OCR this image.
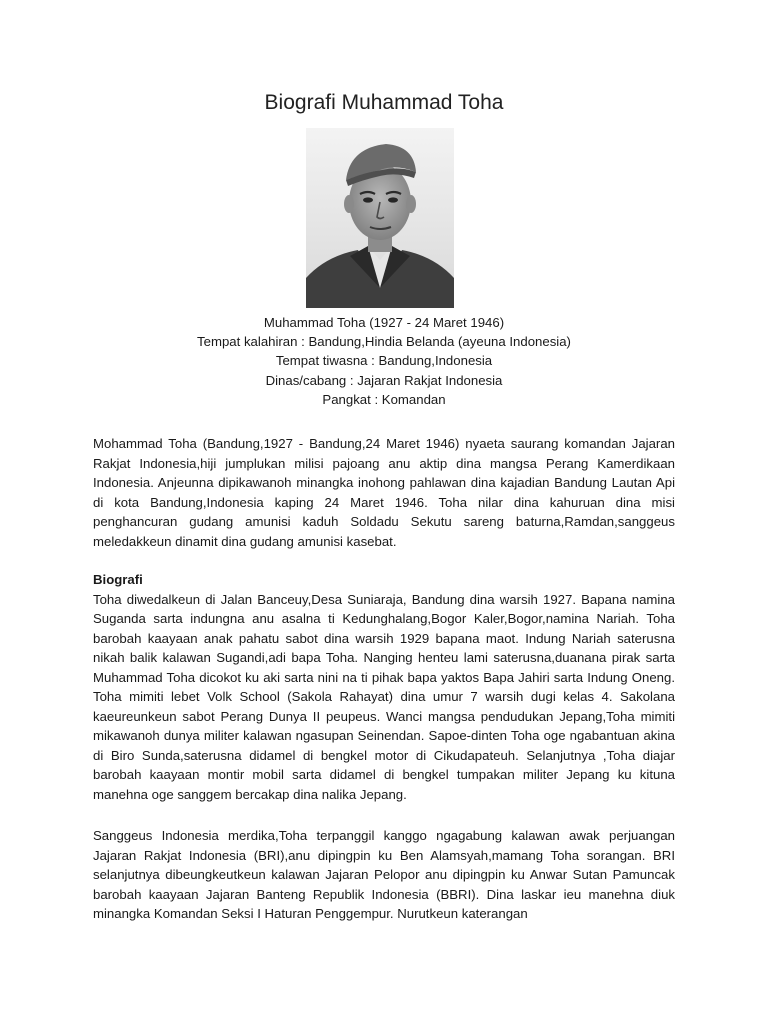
Biografi Muhammad Toha
Muhammad Toha (1927 - 24 Maret 1946)
Tempat kalahiran : Bandung,Hindia Belanda (ayeuna Indonesia)
Tempat tiwasna : Bandung,Indonesia
Dinas/cabang : Jajaran Rakjat Indonesia
Pangkat : Komandan

Mohammad Toha (Bandung,1927 - Bandung,24 Maret 1946) nyaeta saurang komandan Jajaran Rakjat Indonesia,hiji jumplukan milisi pajoang anu aktip dina mangsa Perang Kamerdikaan Indonesia. Anjeunna dipikawanoh minangka inohong pahlawan dina kajadian Bandung Lautan Api di kota Bandung,Indonesia kaping 24 Maret 1946. Toha nilar dina kahuruan dina misi penghancuran gudang amunisi kaduh Soldadu Sekutu sareng baturna,Ramdan,sanggeus meledakkeun dinamit dina gudang amunisi kasebat.

Biografi

Toha diwedalkeun di Jalan Banceuy,Desa Suniaraja, Bandung dina warsih 1927. Bapana namina Suganda sarta indungna anu asalna ti Kedunghalang,Bogor Kaler,Bogor,namina Nariah. Toha barobah kaayaan anak pahatu sabot dina warsih 1929 bapana maot. Indung Nariah saterusna nikah balik kalawan Sugandi,adi bapa Toha. Nanging henteu lami saterusna,duanana pirak sarta Muhammad Toha dicokot ku aki sarta nini na ti pihak bapa yaktos Bapa Jahiri sarta Indung Oneng. Toha mimiti lebet Volk School (Sakola Rahayat) dina umur 7 warsih dugi kelas 4. Sakolana kaeureunkeun sabot Perang Dunya II peupeus. Wanci mangsa pendudukan Jepang,Toha mimiti mikawanoh dunya militer kalawan ngasupan Seinendan. Sapoe-dinten Toha oge ngabantuan akina di Biro Sunda,saterusna didamel di bengkel motor di Cikudapateuh. Selanjutnya ,Toha diajar barobah kaayaan montir mobil sarta didamel di bengkel tumpakan militer Jepang ku kituna manehna oge sanggem bercakap dina nalika Jepang.

Sanggeus Indonesia merdika,Toha terpanggil kanggo ngagabung kalawan awak perjuangan Jajaran Rakjat Indonesia (BRI),anu dipingpin ku Ben Alamsyah,mamang Toha sorangan. BRI selanjutnya dibeungkeutkeun kalawan Jajaran Pelopor anu dipingpin ku Anwar Sutan Pamuncak barobah kaayaan Jajaran Banteng Republik Indonesia (BBRI). Dina laskar ieu manehna diuk minangka Komandan Seksi I Haturan Penggempur. Nurutkeun katerangan
